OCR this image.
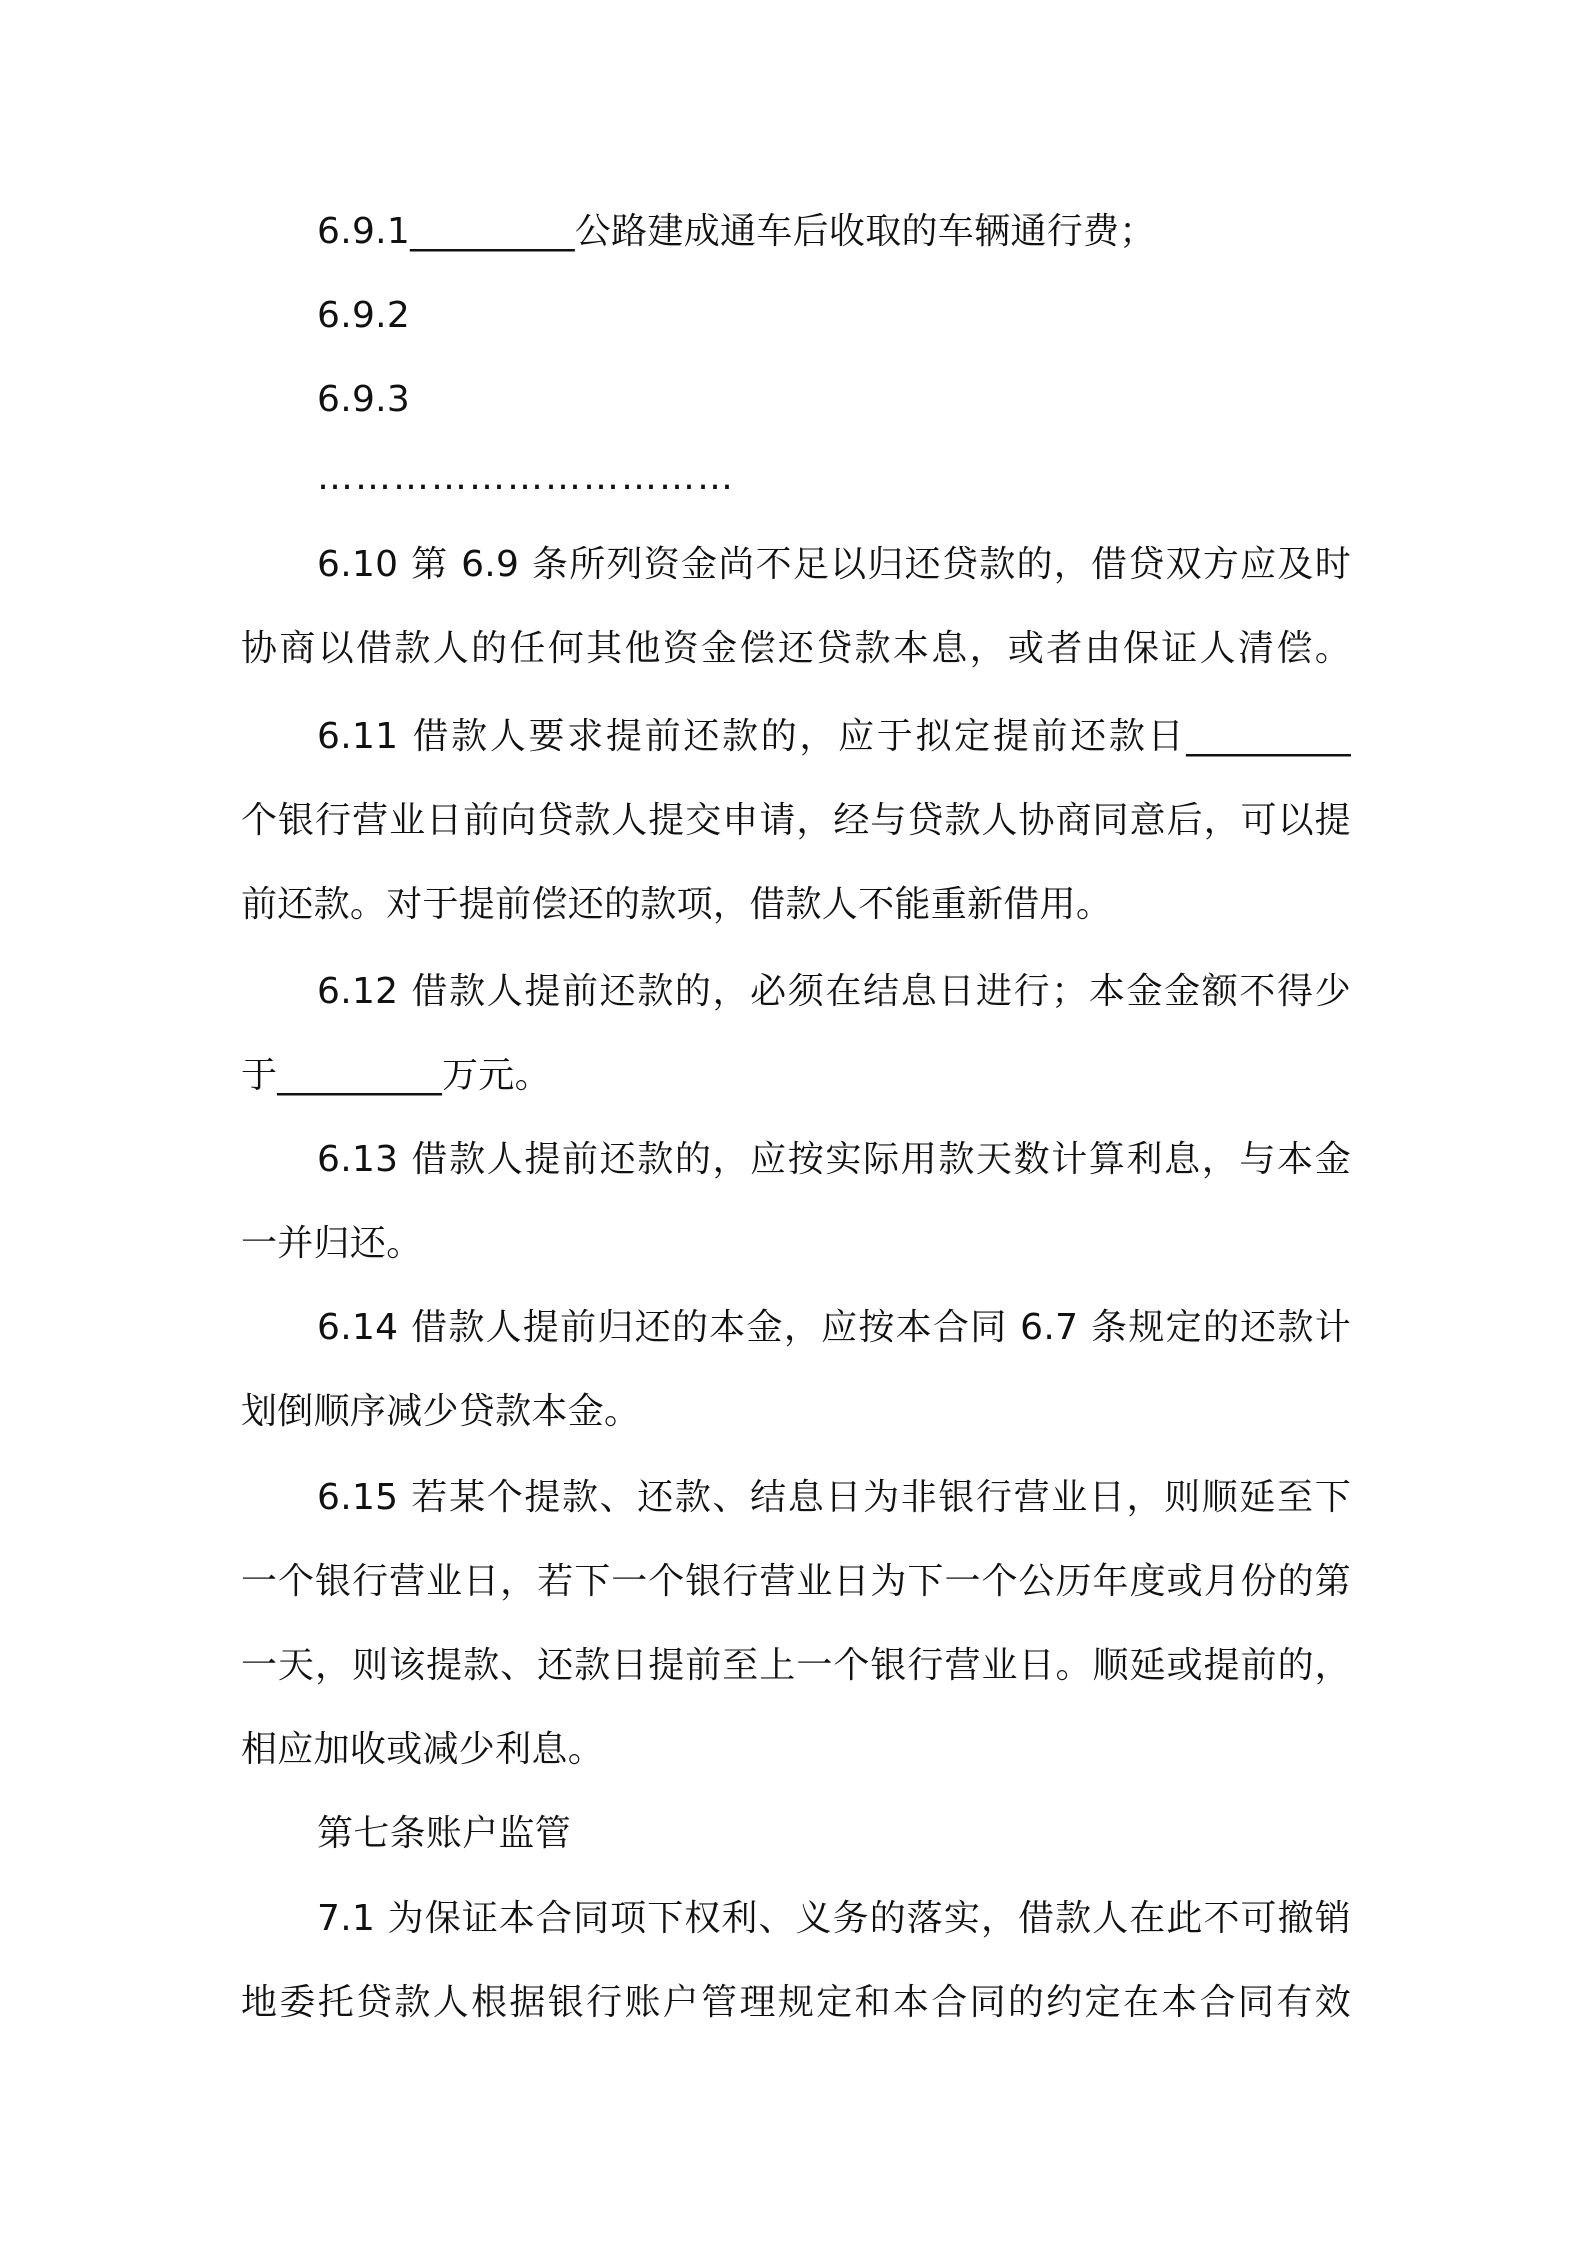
6.9.1_________公路建成通车后收取的车辆通行费；
6.9.2
6.9.3
……………………………
6.10 第 6.9 条所列资金尚不足以归还贷款的，借贷双方应及时
协商以借款人的任何其他资金偿还贷款本息，或者由保证人清偿。
6.11 借款人要求提前还款的，应于拟定提前还款日_________
个银行营业日前向贷款人提交申请，经与贷款人协商同意后，可以提
前还款。对于提前偿还的款项，借款人不能重新借用。
6.12 借款人提前还款的，必须在结息日进行；本金金额不得少
于_________万元。
6.13 借款人提前还款的，应按实际用款天数计算利息，与本金
一并归还。
6.14 借款人提前归还的本金，应按本合同 6.7 条规定的还款计
划倒顺序减少贷款本金。
6.15 若某个提款、还款、结息日为非银行营业日，则顺延至下
一个银行营业日，若下一个银行营业日为下一个公历年度或月份的第
一天，则该提款、还款日提前至上一个银行营业日。顺延或提前的，
相应加收或减少利息。
第七条账户监管
7.1 为保证本合同项下权利、义务的落实，借款人在此不可撤销
地委托贷款人根据银行账户管理规定和本合同的约定在本合同有效
